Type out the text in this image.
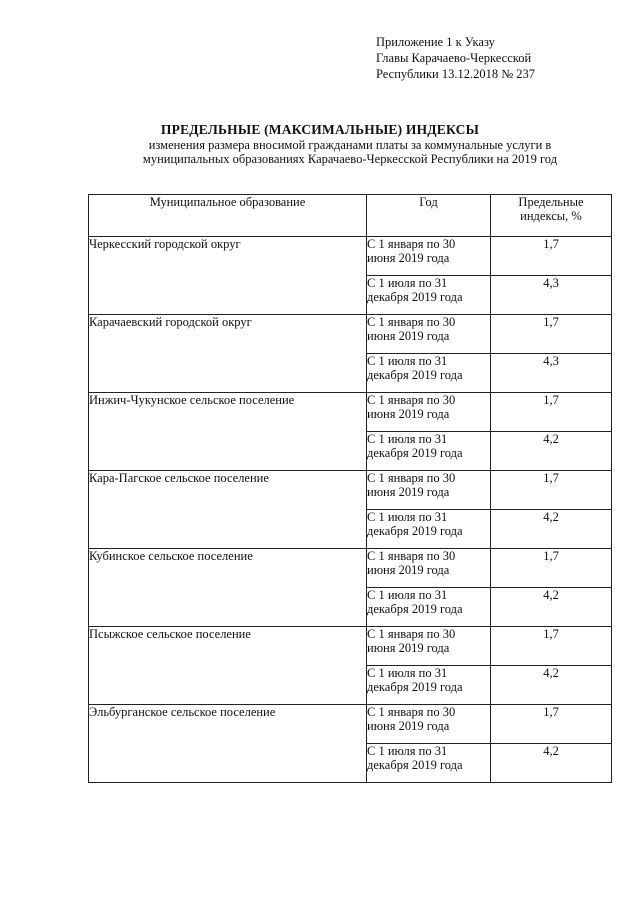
Приложение 1 к Указу
Главы Карачаево-Черкесской
Республики 13.12.2018 № 237
ПРЕДЕЛЬНЫЕ (МАКСИМАЛЬНЫЕ) ИНДЕКСЫ
изменения размера вносимой гражданами платы за коммунальные услуги в
муниципальных образованиях Карачаево-Черкесской Республики на 2019 год
Муниципальное образование	Год	Предельные
индексы, %

Черкесский городской округ	С 1 января по 30
июня 2019 года	1,7

	С 1 июля по 31
декабря 2019 года	4,3
Карачаевский городской округ	С 1 января по 30
июня 2019 года	1,7

	С 1 июля по 31
декабря 2019 года	4,3
Инжич-Чукунское сельское поселение	С 1 января по 30
июня 2019 года	1,7

	С 1 июля по 31
декабря 2019 года	4,2
Кара-Пагское сельское поселение	С 1 января по 30
июня 2019 года	1,7

	С 1 июля по 31
декабря 2019 года	4,2
Кубинское сельское поселение	С 1 января по 30
июня 2019 года	1,7

	С 1 июля по 31
декабря 2019 года	4,2
Псыжское сельское поселение	С 1 января по 30
июня 2019 года	1,7

	С 1 июля по 31
декабря 2019 года	4,2
Эльбурганское сельское поселение	С 1 января по 30
июня 2019 года	1,7

	С 1 июля по 31
декабря 2019 года	4,2
